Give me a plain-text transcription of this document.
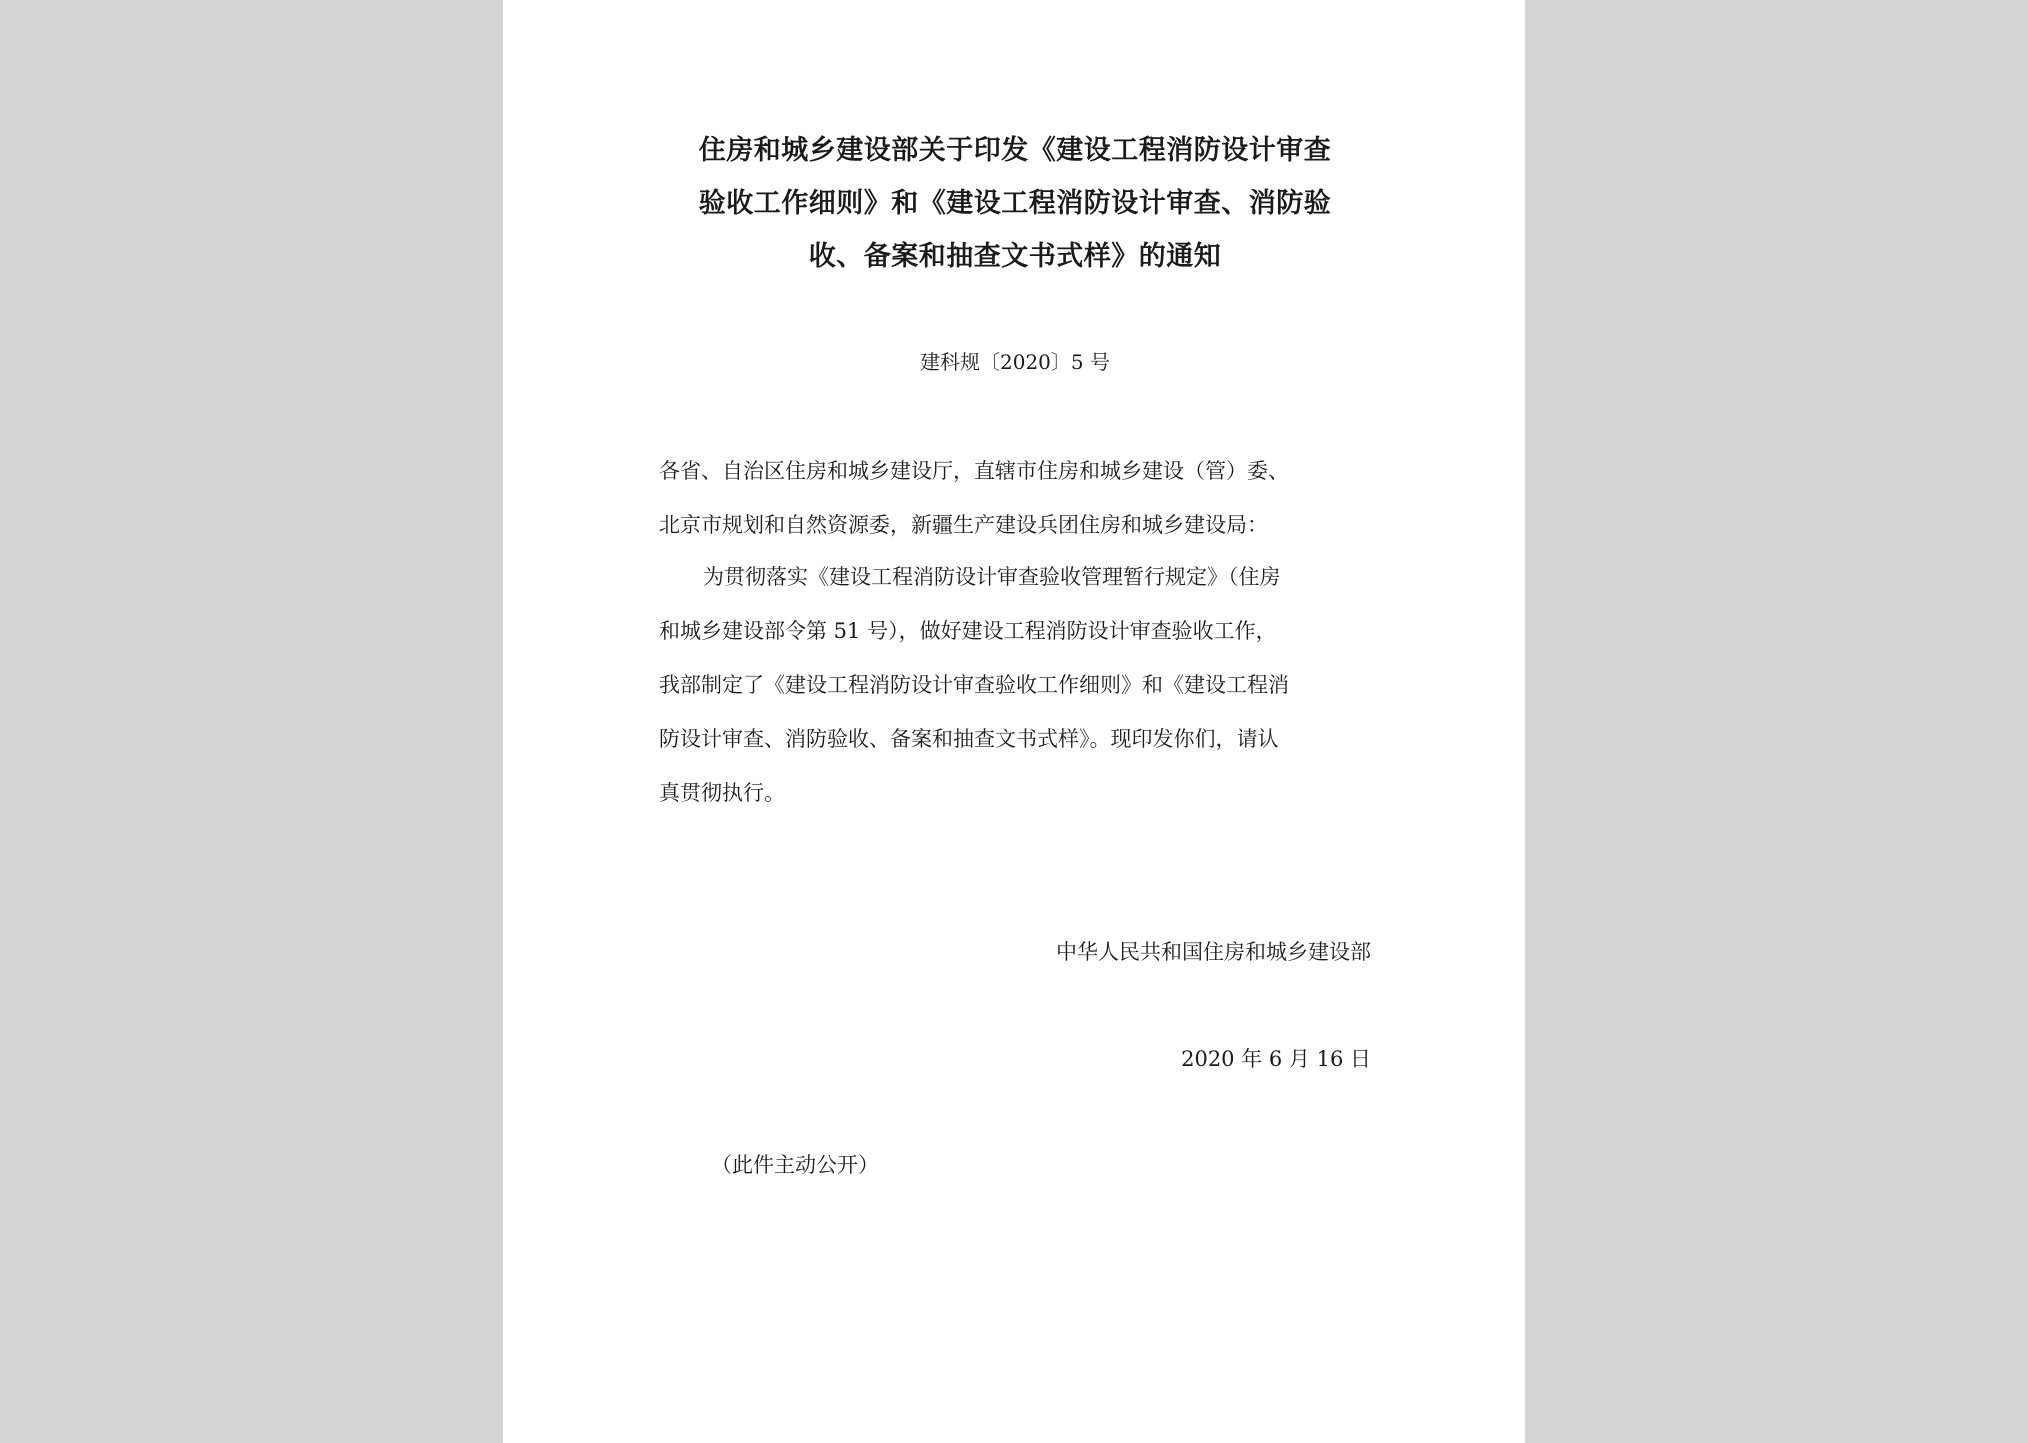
住房和城乡建设部关于印发《建设工程消防设计审查
验收工作细则》和《建设工程消防设计审查、消防验
收、备案和抽查文书式样》的通知
建科规〔2020〕5 号
各省、自治区住房和城乡建设厅，直辖市住房和城乡建设（管）委、
北京市规划和自然资源委，新疆生产建设兵团住房和城乡建设局：
为贯彻落实《建设工程消防设计审查验收管理暂行规定》（住房
和城乡建设部令第 51 号），做好建设工程消防设计审查验收工作，
我部制定了《建设工程消防设计审查验收工作细则》和《建设工程消
防设计审查、消防验收、备案和抽查文书式样》。现印发你们，请认
真贯彻执行。
中华人民共和国住房和城乡建设部
2020 年 6 月 16 日
（此件主动公开）
